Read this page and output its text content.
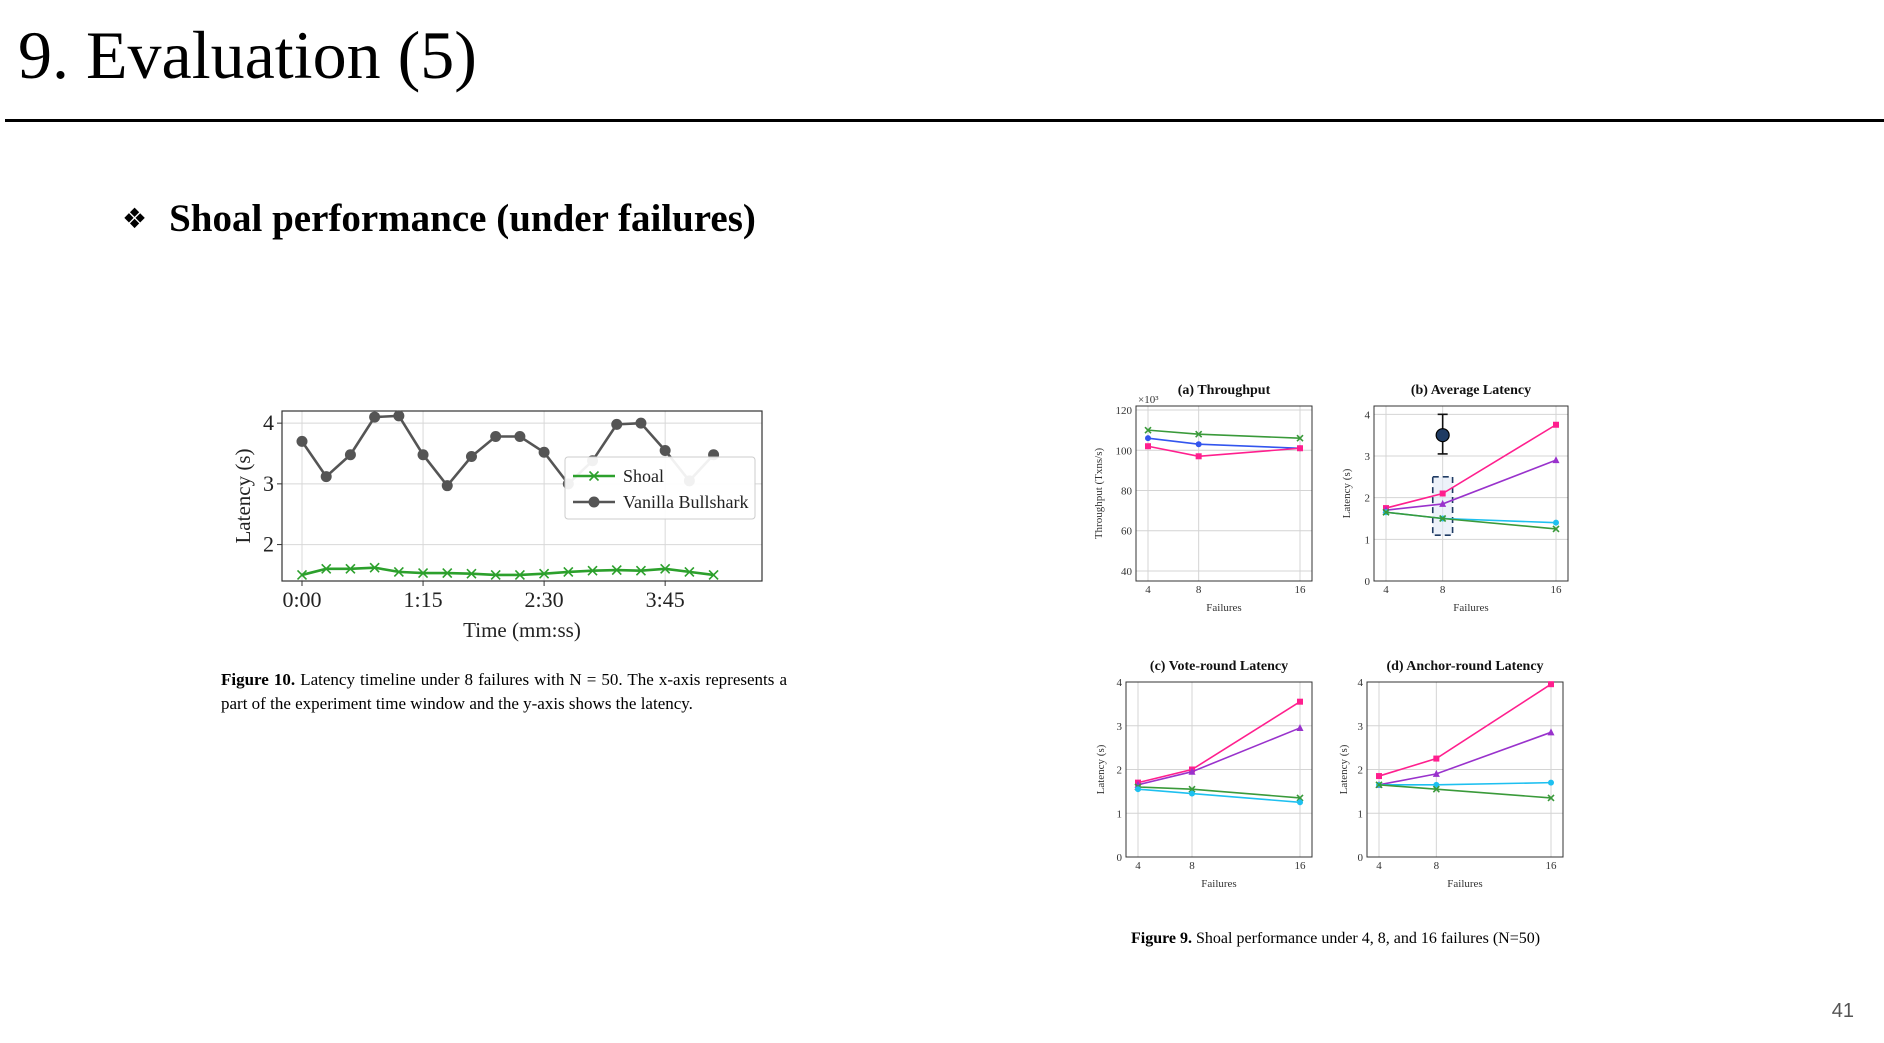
9. Evaluation (5)
❖ Shoal performance (under failures)
0:00	1:15	2:30	3:45
2
3
4
Time (mm:ss)
Latency (s)	Shoal
Vanilla Bullshark
Figure 10. Latency timeline under 8 failures with N = 50. The x-axis represents a part of the experiment time window and the y-axis shows the latency.
(a) Throughput
4	8	16
40
60
80
100
120
Failures
Throughput (Txns/s)
×10³
(b) Average Latency
4	8	16
0
1
2
3
4
Failures
Latency (s)
(c) Vote-round Latency
4	8	16
0
1
2
3
4
Failures
Latency (s)
(d) Anchor-round Latency
4	8	16
0
1
2
3
4
Failures
Latency (s)
Figure 9. Shoal performance under 4, 8, and 16 failures (N=50)
41
